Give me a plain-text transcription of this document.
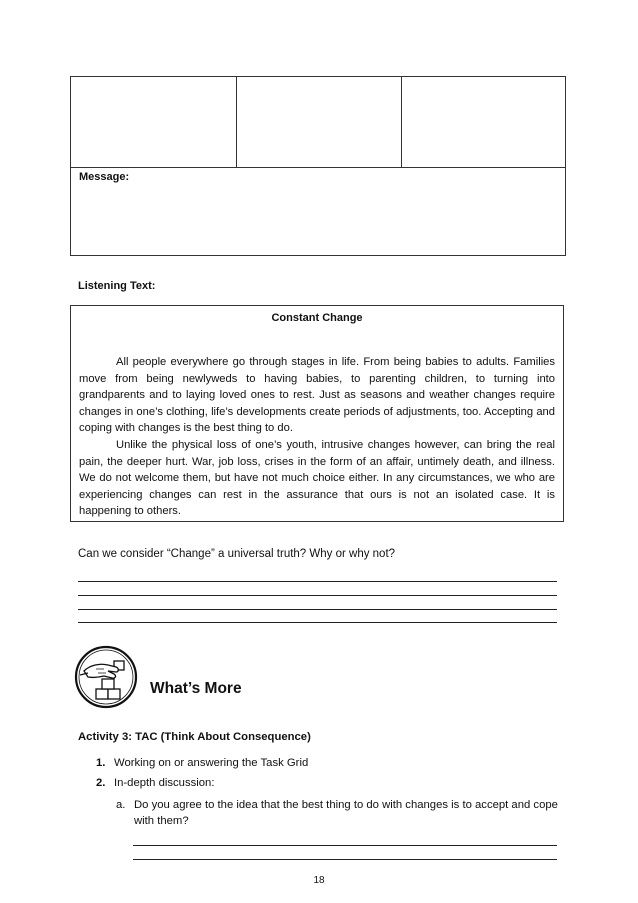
Message:
Listening Text:
Constant Change

All people everywhere go through stages in life. From being babies to adults. Families move from being newlyweds to having babies, to parenting children, to turning into grandparents and to laying loved ones to rest. Just as seasons and weather changes require changes in one’s clothing, life’s developments create periods of adjustments, too. Accepting and coping with changes is the best thing to do.

Unlike the physical loss of one’s youth, intrusive changes however, can bring the real pain, the deeper hurt. War, job loss, crises in the form of an affair, untimely death, and illness. We do not welcome them, but have not much choice either. In any circumstances, we who are experiencing changes can rest in the assurance that ours is not an isolated case. It is happening to others.

Can we consider “Change” a universal truth? Why or why not?
What’s More
Activity 3: TAC (Think About Consequence)
1. Working on or answering the Task Grid
2. In-depth discussion:
a. Do you agree to the idea that the best thing to do with changes is to accept and cope with them?
18
